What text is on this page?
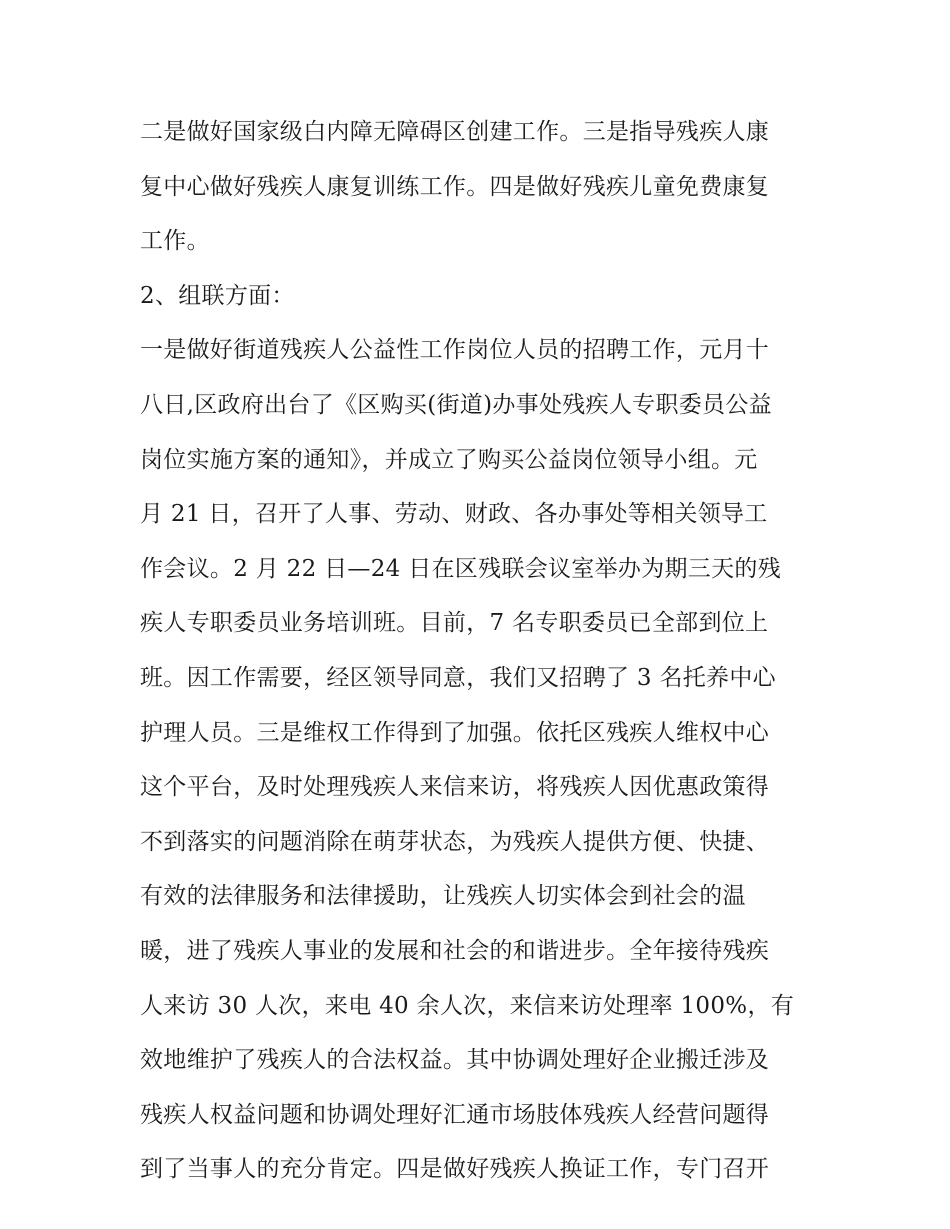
二是做好国家级白内障无障碍区创建工作。三是指导残疾人康
复中心做好残疾人康复训练工作。四是做好残疾儿童免费康复
工作。
2、组联方面：
一是做好街道残疾人公益性工作岗位人员的招聘工作，元月十
八日,区政府出台了《区购买(街道)办事处残疾人专职委员公益
岗位实施方案的通知》，并成立了购买公益岗位领导小组。元
月 21 日，召开了人事、劳动、财政、各办事处等相关领导工
作会议。2 月 22 日—24 日在区残联会议室举办为期三天的残
疾人专职委员业务培训班。目前，7 名专职委员已全部到位上
班。因工作需要，经区领导同意，我们又招聘了 3 名托养中心
护理人员。三是维权工作得到了加强。依托区残疾人维权中心
这个平台，及时处理残疾人来信来访，将残疾人因优惠政策得
不到落实的问题消除在萌芽状态，为残疾人提供方便、快捷、
有效的法律服务和法律援助，让残疾人切实体会到社会的温
暖，进了残疾人事业的发展和社会的和谐进步。全年接待残疾
人来访 30 人次，来电 40 余人次，来信来访处理率 100%，有
效地维护了残疾人的合法权益。其中协调处理好企业搬迁涉及
残疾人权益问题和协调处理好汇通市场肢体残疾人经营问题得
到了当事人的充分肯定。四是做好残疾人换证工作，专门召开
